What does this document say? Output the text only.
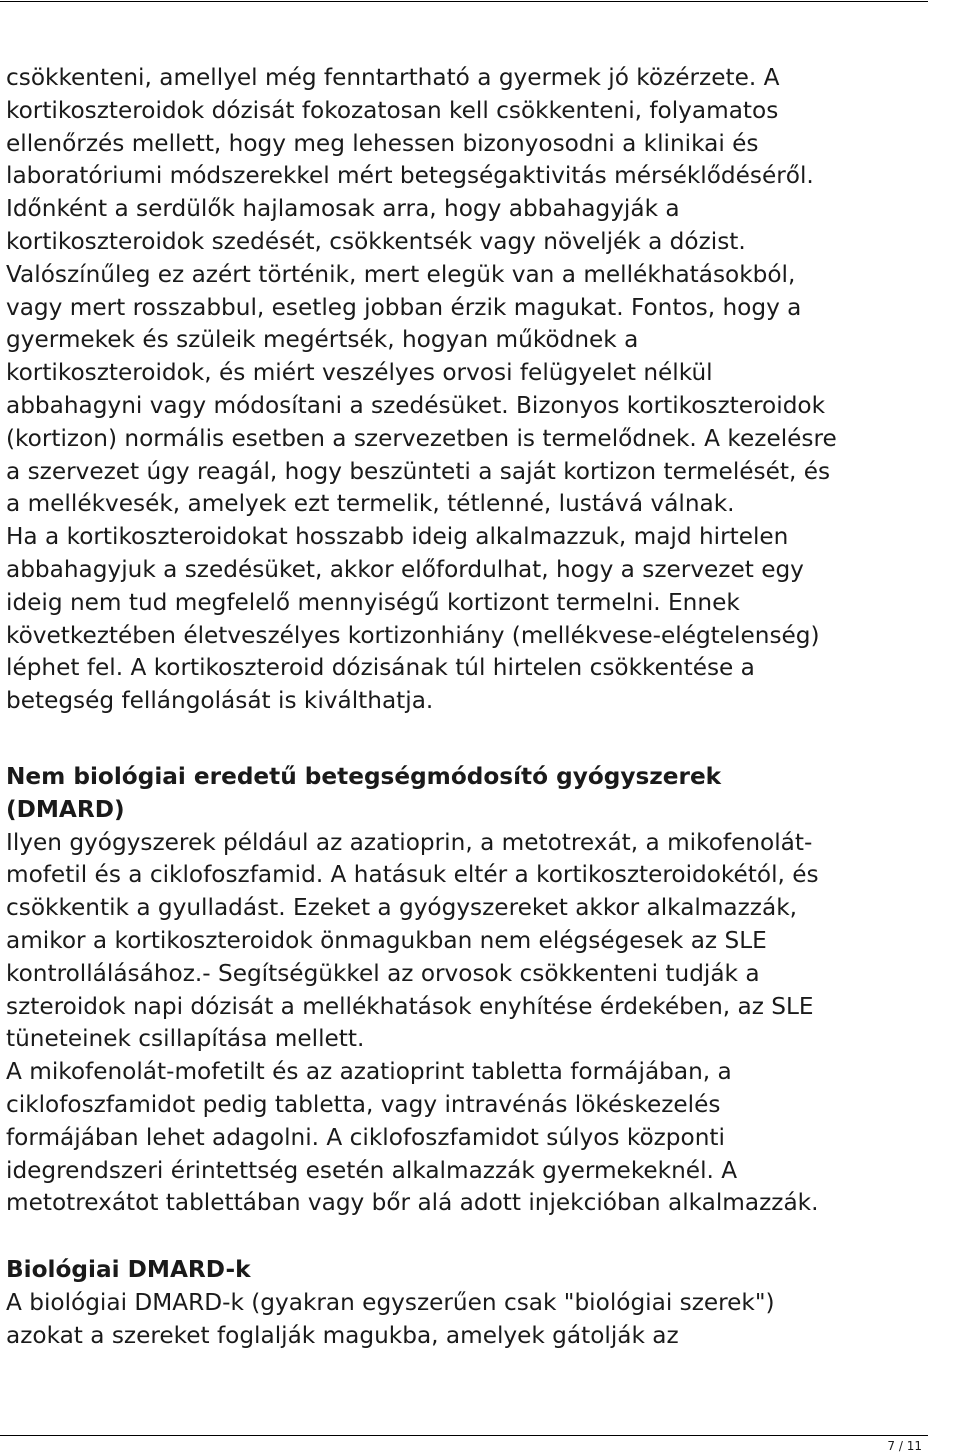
csökkenteni, amellyel még fenntartható a gyermek jó közérzete. A
kortikoszteroidok dózisát fokozatosan kell csökkenteni, folyamatos
ellenőrzés mellett, hogy meg lehessen bizonyosodni a klinikai és
laboratóriumi módszerekkel mért betegségaktivitás mérséklődéséről.
Időnként a serdülők hajlamosak arra, hogy abbahagyják a
kortikoszteroidok szedését, csökkentsék vagy növeljék a dózist.
Valószínűleg ez azért történik, mert elegük van a mellékhatásokból,
vagy mert rosszabbul, esetleg jobban érzik magukat. Fontos, hogy a
gyermekek és szüleik megértsék, hogyan működnek a
kortikoszteroidok, és miért veszélyes orvosi felügyelet nélkül
abbahagyni vagy módosítani a szedésüket. Bizonyos kortikoszteroidok
(kortizon) normális esetben a szervezetben is termelődnek. A kezelésre
a szervezet úgy reagál, hogy beszünteti a saját kortizon termelését, és
a mellékvesék, amelyek ezt termelik, tétlenné, lustává válnak.
Ha a kortikoszteroidokat hosszabb ideig alkalmazzuk, majd hirtelen
abbahagyjuk a szedésüket, akkor előfordulhat, hogy a szervezet egy
ideig nem tud megfelelő mennyiségű kortizont termelni. Ennek
következtében életveszélyes kortizonhiány (mellékvese-elégtelenség)
léphet fel. A kortikoszteroid dózisának túl hirtelen csökkentése a
betegség fellángolását is kiválthatja.
Nem biológiai eredetű betegségmódosító gyógyszerek
(DMARD)
Ilyen gyógyszerek például az azatioprin, a metotrexát, a mikofenolát-
mofetil és a ciklofoszfamid. A hatásuk eltér a kortikoszteroidokétól, és
csökkentik a gyulladást. Ezeket a gyógyszereket akkor alkalmazzák,
amikor a kortikoszteroidok önmagukban nem elégségesek az SLE
kontrollálásához.- Segítségükkel az orvosok csökkenteni tudják a
szteroidok napi dózisát a mellékhatások enyhítése érdekében, az SLE
tüneteinek csillapítása mellett.
A mikofenolát-mofetilt és az azatioprint tabletta formájában, a
ciklofoszfamidot pedig tabletta, vagy intravénás lökéskezelés
formájában lehet adagolni. A ciklofoszfamidot súlyos központi
idegrendszeri érintettség esetén alkalmazzák gyermekeknél. A
metotrexátot tablettában vagy bőr alá adott injekcióban alkalmazzák.
Biológiai DMARD-k
A biológiai DMARD-k (gyakran egyszerűen csak "biológiai szerek")
azokat a szereket foglalják magukba, amelyek gátolják az
7 / 11
